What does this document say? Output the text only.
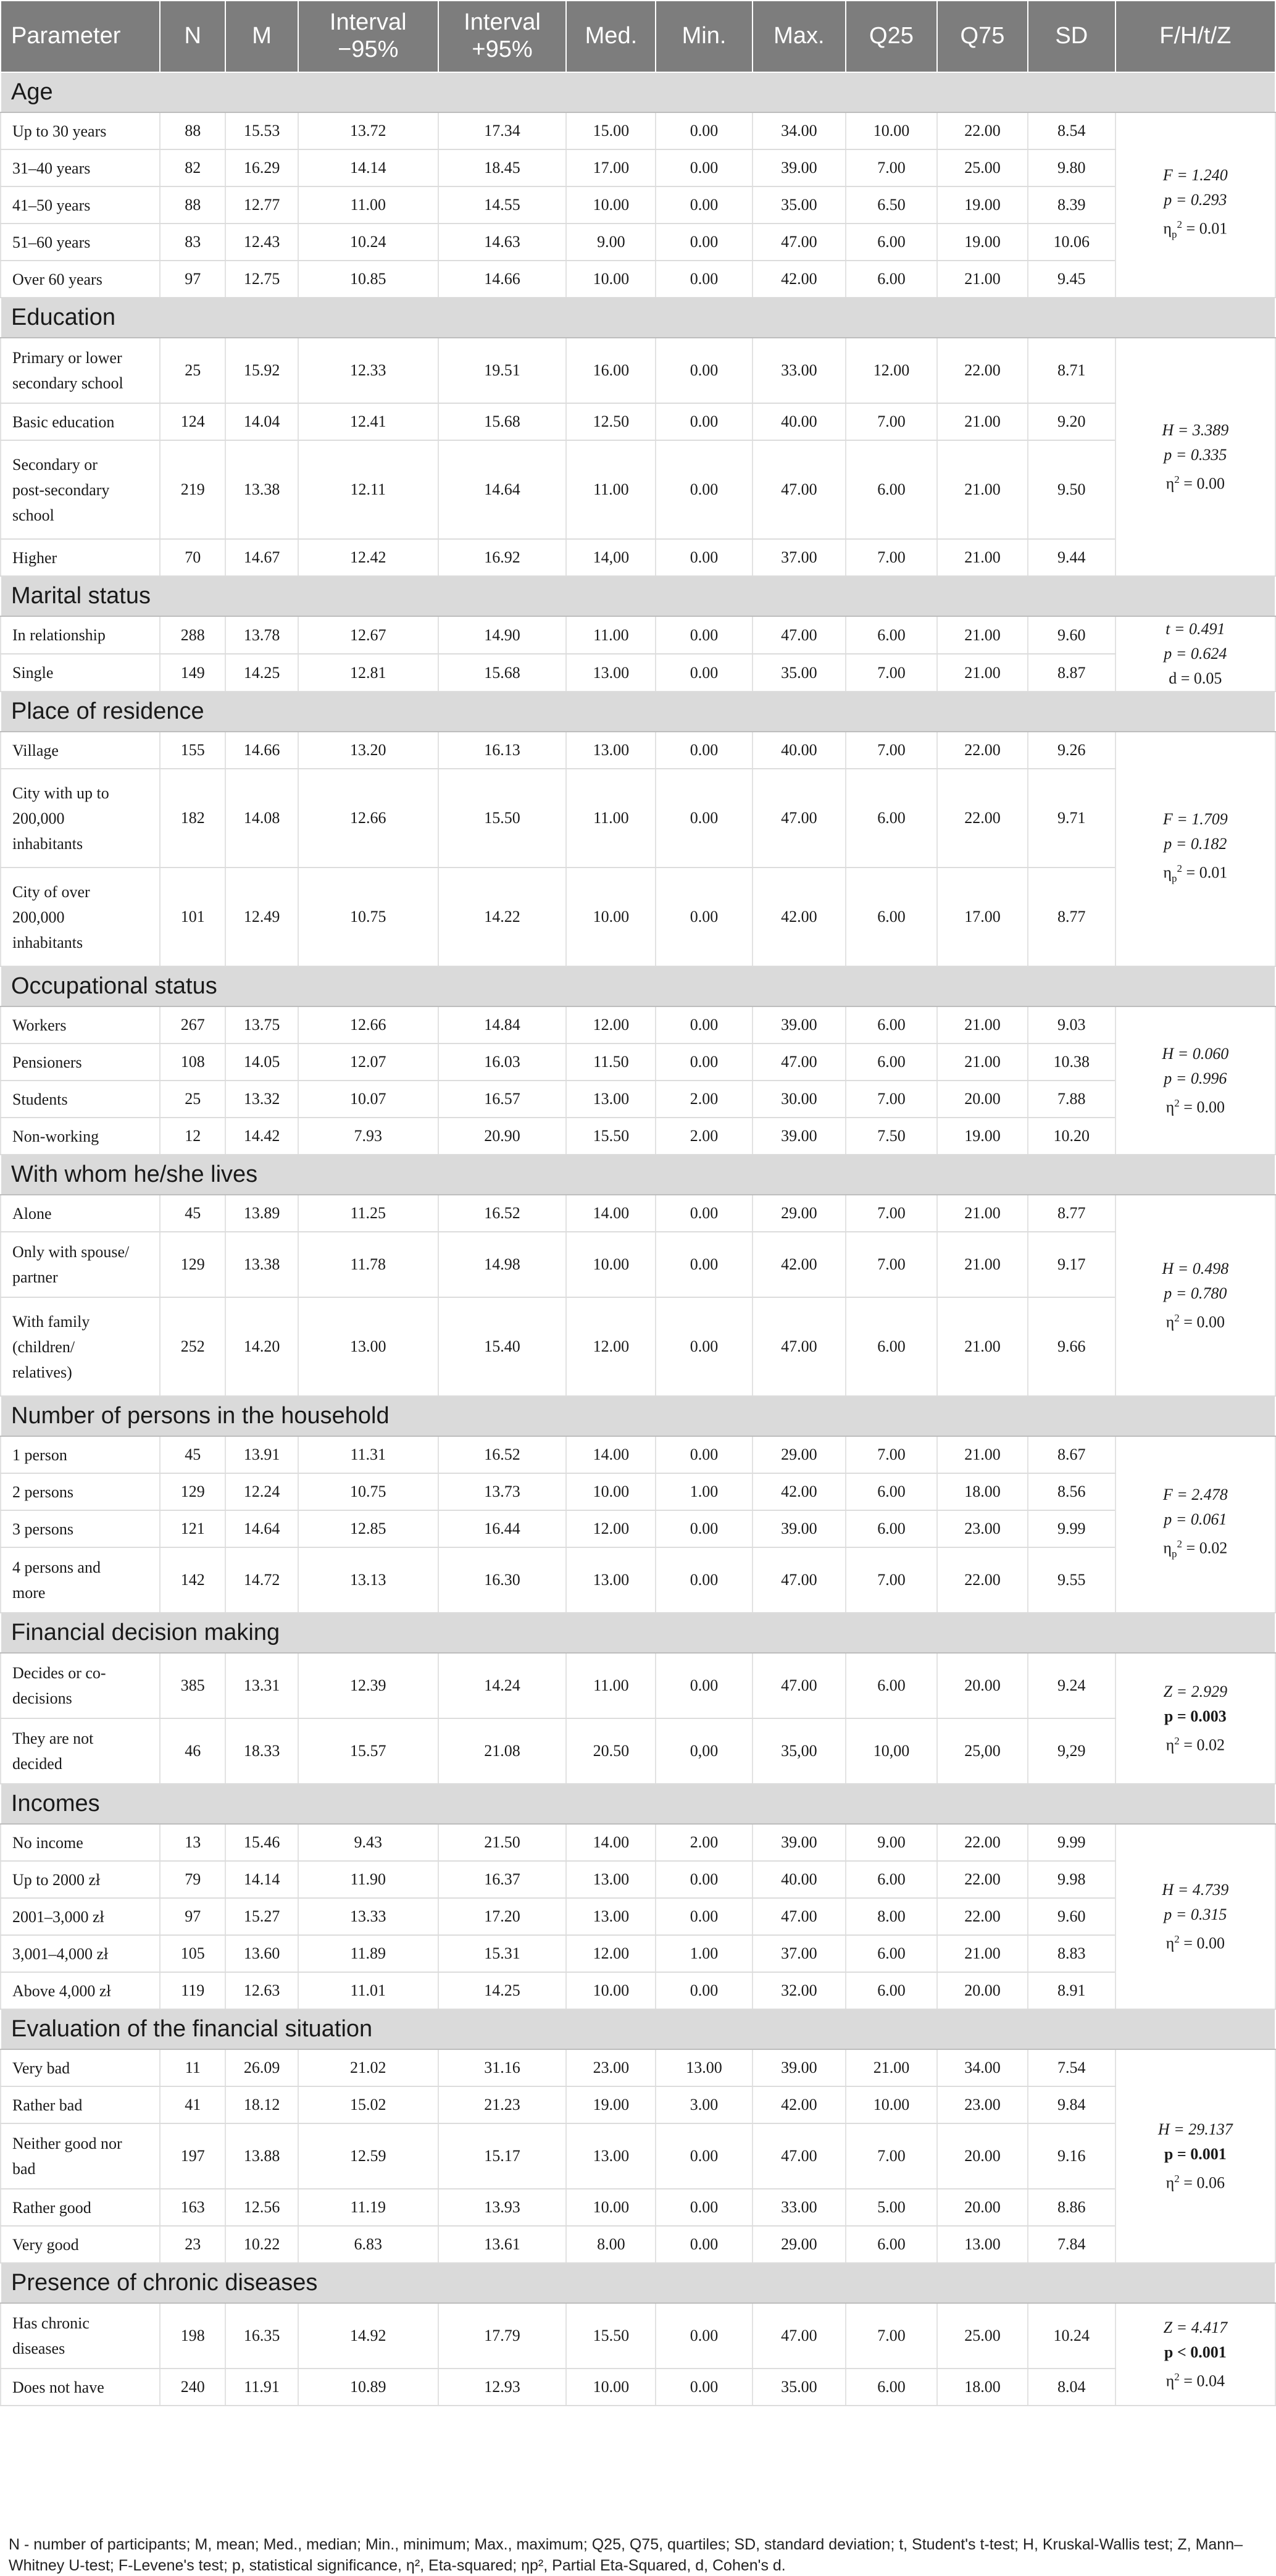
Parameter	N	M	Interval −95%	Interval
+95%	Med.	Min.	Max.	Q25	Q75	SD	F/H/t/Z
Age											

Up to 30 years	88	15.53	13.72	17.34	15.00	0.00	34.00	10.00	22.00	8.54	F = 1.240
p = 0.293
$\eta_p^2 = 0.01$

31–40 years	82	16.29	14.14	18.45	17.00	0.00	39.00	7.00	25.00	9.80	

41–50 years	88	12.77	11.00	14.55	10.00	0.00	35.00	6.50	19.00	8.39	

51–60 years	83	12.43	10.24	14.63	9.00	0.00	47.00	6.00	19.00	10.06	

Over 60 years	97	12.75	10.85	14.66	10.00	0.00	42.00	6.00	21.00	9.45	
Education											

Primary or lower
secondary school	25	15.92	12.33	19.51	16.00	0.00	33.00	12.00	22.00	8.71	H = 3.389
p = 0.335
$\eta^2 = 0.00$

Basic education	124	14.04	12.41	15.68	12.50	0.00	40.00	7.00	21.00	9.20	

Secondary or
post-secondary
school	219	13.38	12.11	14.64	11.00	0.00	47.00	6.00	21.00	9.50	

Higher	70	14.67	12.42	16.92	14,00	0.00	37.00	7.00	21.00	9.44	
Marital status											

In relationship	288	13.78	12.67	14.90	11.00	0.00	47.00	6.00	21.00	9.60	t = 0.491
p = 0.624
d = 0.05

Single	149	14.25	12.81	15.68	13.00	0.00	35.00	7.00	21.00	8.87	
Place of residence											

Village	155	14.66	13.20	16.13	13.00	0.00	40.00	7.00	22.00	9.26	F = 1.709
p = 0.182
$\eta_p^2 = 0.01$

City with up to
200,000
inhabitants	182	14.08	12.66	15.50	11.00	0.00	47.00	6.00	22.00	9.71	

City of over
200,000
inhabitants	101	12.49	10.75	14.22	10.00	0.00	42.00	6.00	17.00	8.77	
Occupational status											

Workers	267	13.75	12.66	14.84	12.00	0.00	39.00	6.00	21.00	9.03	H = 0.060
p = 0.996
$\eta^2 = 0.00$

Pensioners	108	14.05	12.07	16.03	11.50	0.00	47.00	6.00	21.00	10.38	

Students	25	13.32	10.07	16.57	13.00	2.00	30.00	7.00	20.00	7.88	

Non-working	12	14.42	7.93	20.90	15.50	2.00	39.00	7.50	19.00	10.20	
With whom he/she lives											

Alone	45	13.89	11.25	16.52	14.00	0.00	29.00	7.00	21.00	8.77	H = 0.498
p = 0.780
$\eta^2 = 0.00$

Only with spouse/
partner	129	13.38	11.78	14.98	10.00	0.00	42.00	7.00	21.00	9.17	

With family
(children/
relatives)	252	14.20	13.00	15.40	12.00	0.00	47.00	6.00	21.00	9.66	
Number of persons in the household											

1 person	45	13.91	11.31	16.52	14.00	0.00	29.00	7.00	21.00	8.67	F = 2.478
p = 0.061
$\eta_p^2 = 0.02$

2 persons	129	12.24	10.75	13.73	10.00	1.00	42.00	6.00	18.00	8.56	

3 persons	121	14.64	12.85	16.44	12.00	0.00	39.00	6.00	23.00	9.99	

4 persons and
more	142	14.72	13.13	16.30	13.00	0.00	47.00	7.00	22.00	9.55	
Financial decision making											

Decides or co-
decisions	385	13.31	12.39	14.24	11.00	0.00	47.00	6.00	20.00	9.24	Z = 2.929
p = 0.003
$\eta^2 = 0.02$

They are not
decided	46	18.33	15.57	21.08	20.50	0,00	35,00	10,00	25,00	9,29	
Incomes											

No income	13	15.46	9.43	21.50	14.00	2.00	39.00	9.00	22.00	9.99	H = 4.739
p = 0.315
$\eta^2 = 0.00$

Up to 2000 zł	79	14.14	11.90	16.37	13.00	0.00	40.00	6.00	22.00	9.98	

2001–3,000 zł	97	15.27	13.33	17.20	13.00	0.00	47.00	8.00	22.00	9.60	

3,001–4,000 zł	105	13.60	11.89	15.31	12.00	1.00	37.00	6.00	21.00	8.83	

Above 4,000 zł	119	12.63	11.01	14.25	10.00	0.00	32.00	6.00	20.00	8.91	
Evaluation of the financial situation											

Very bad	11	26.09	21.02	31.16	23.00	13.00	39.00	21.00	34.00	7.54	H = 29.137
p = 0.001
$\eta^2 = 0.06$

Rather bad	41	18.12	15.02	21.23	19.00	3.00	42.00	10.00	23.00	9.84	

Neither good nor
bad	197	13.88	12.59	15.17	13.00	0.00	47.00	7.00	20.00	9.16	

Rather good	163	12.56	11.19	13.93	10.00	0.00	33.00	5.00	20.00	8.86	

Very good	23	10.22	6.83	13.61	8.00	0.00	29.00	6.00	13.00	7.84	
Presence of chronic diseases											

Has chronic
diseases	198	16.35	14.92	17.79	15.50	0.00	47.00	7.00	25.00	10.24	Z = 4.417
p < 0.001
$\eta^2 = 0.04$

Does not have	240	11.91	10.89	12.93	10.00	0.00	35.00	6.00	18.00	8.04	
N - number of participants; M, mean; Med., median; Min., minimum; Max., maximum; Q25, Q75, quartiles; SD, standard deviation; t, Student's t-test; H, Kruskal-Wallis test; Z, Mann–Whitney U-test; F-Levene's test; p, statistical significance, η², Eta-squared; ηp², Partial Eta-Squared, d, Cohen's d.
